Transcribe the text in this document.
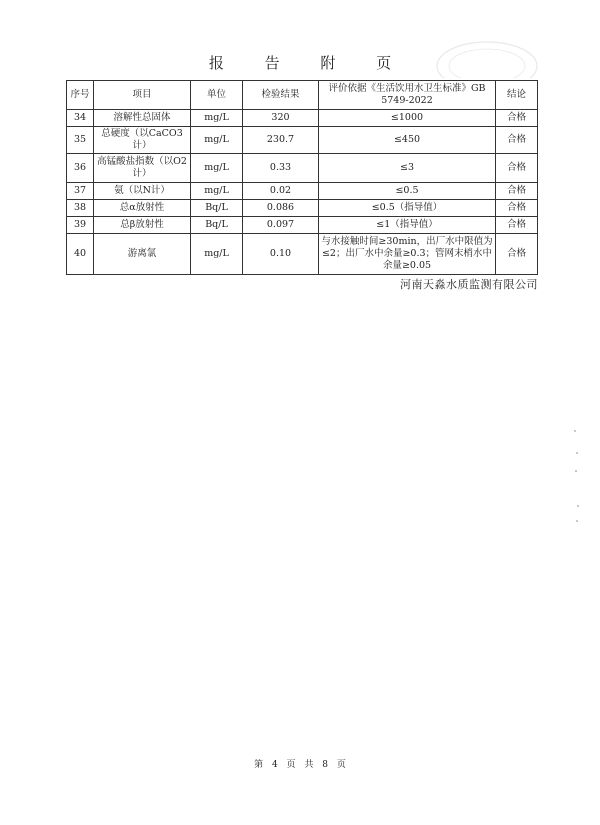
报 告 附 页
序号	项目	单位	检验结果	评价依据《生活饮用水卫生标准》GB 5749-2022	结论
34	溶解性总固体	mg/L	320	≤1000	合格
35	总硬度（以CaCO3计）	mg/L	230.7	≤450	合格
36	高锰酸盐指数（以O2计）	mg/L	0.33	≤3	合格
37	氨（以N计）	mg/L	0.02	≤0.5	合格
38	总α放射性	Bq/L	0.086	≤0.5（指导值）	合格
39	总β放射性	Bq/L	0.097	≤1（指导值）	合格
40	游离氯	mg/L	0.10	与水接触时间≥30min，出厂水中限值为≤2；出厂水中余量≥0.3；管网末梢水中余量≥0.05	合格
河南天淼水质监测有限公司
第 4 页 共 8 页
